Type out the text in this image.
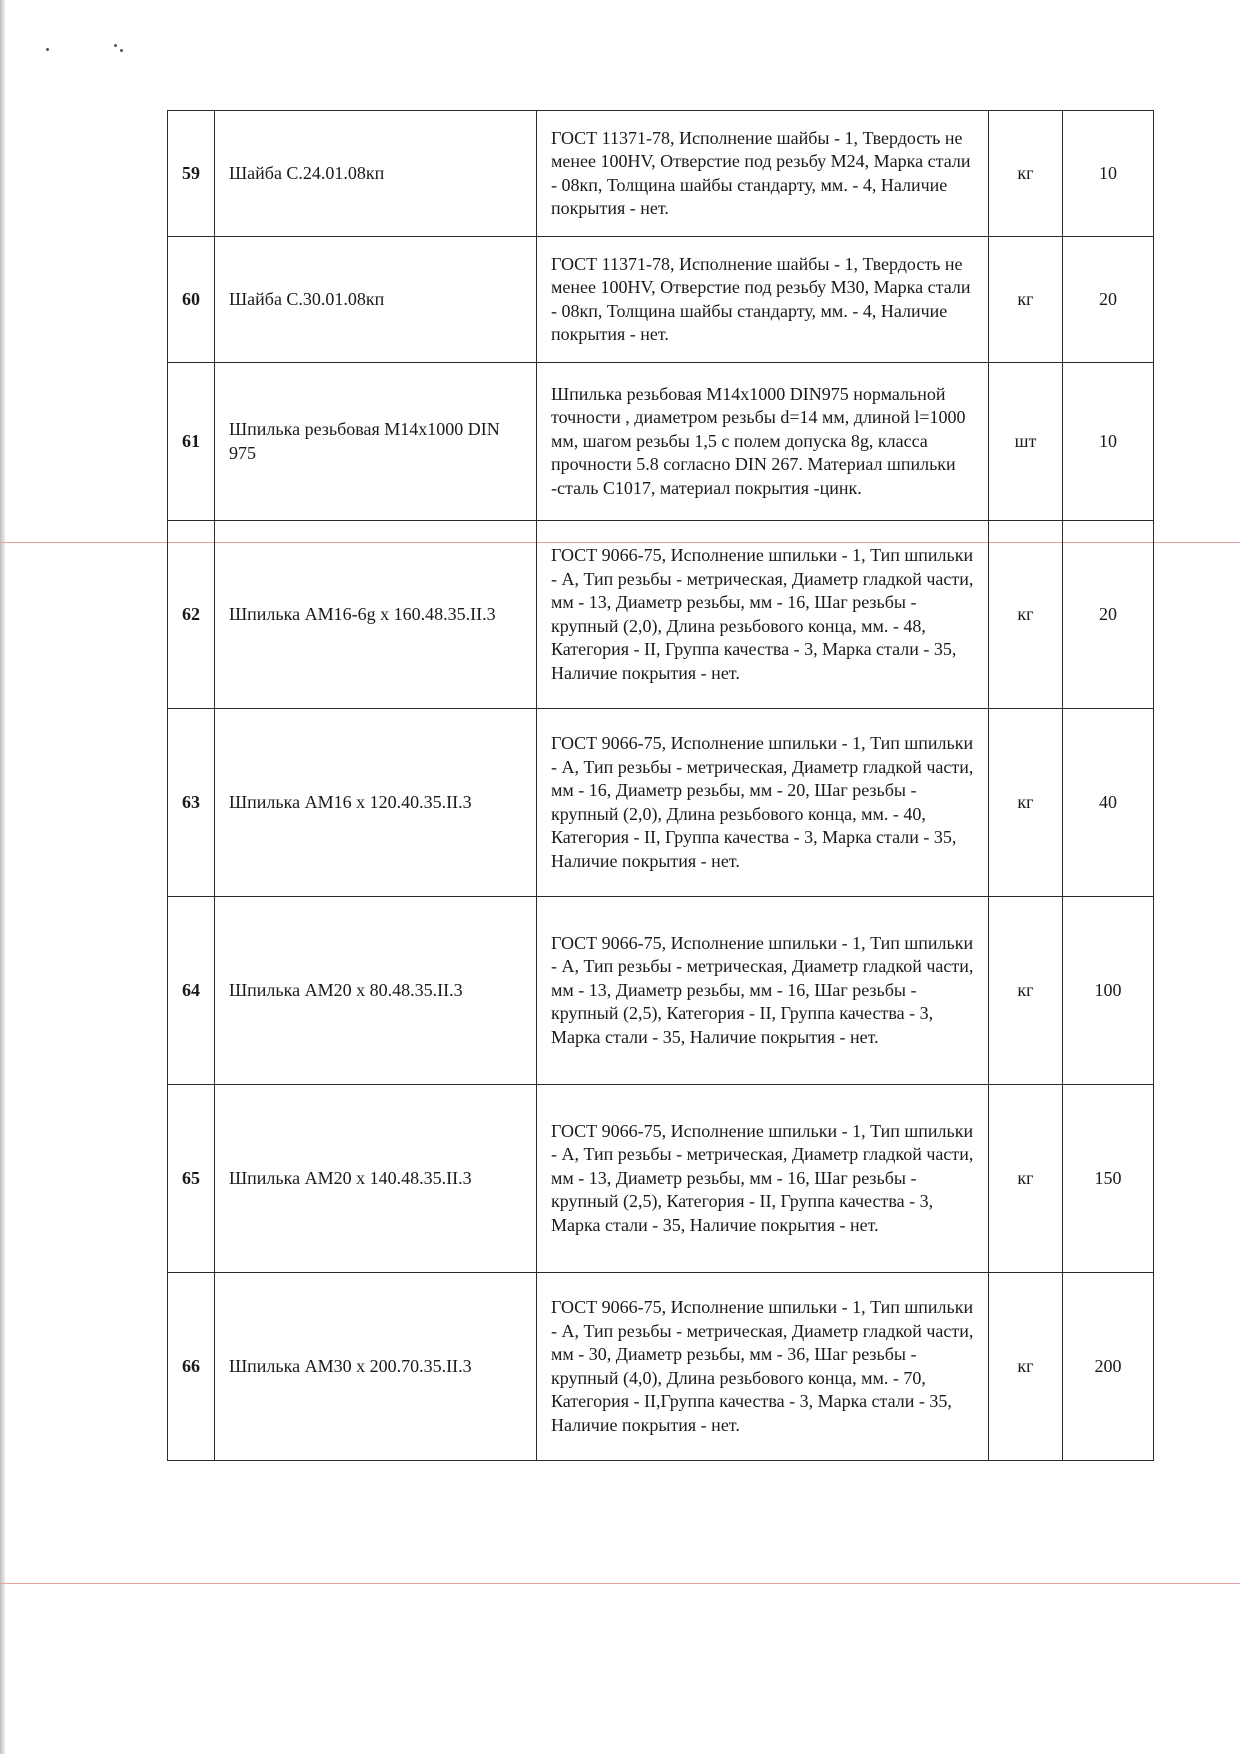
59	Шайба С.24.01.08кп	ГОСТ 11371-78, Исполнение шайбы - 1, Твердость не менее 100HV, Отверстие под резьбу М24, Марка стали - 08кп, Толщина шайбы стандарту, мм. - 4, Наличие покрытия - нет.	кг	10
60	Шайба С.30.01.08кп	ГОСТ 11371-78, Исполнение шайбы - 1, Твердость не менее 100HV, Отверстие под резьбу М30, Марка стали - 08кп, Толщина шайбы стандарту, мм. - 4, Наличие покрытия - нет.	кг	20
61	Шпилька резьбовая M14x1000 DIN 975	Шпилька резьбовая M14x1000 DIN975 нормальной точности , диаметром резьбы d=14 мм, длиной l=1000 мм, шагом резьбы 1,5 с полем допуска 8g, класса прочности 5.8 согласно DIN 267. Материал шпильки -сталь С1017, материал покрытия -цинк.	шт	10
62	Шпилька АМ16-6g x 160.48.35.II.3	ГОСТ 9066-75, Исполнение шпильки - 1, Тип шпильки - А, Тип резьбы - метрическая, Диаметр гладкой части, мм - 13, Диаметр резьбы, мм - 16, Шаг резьбы - крупный (2,0), Длина резьбового конца, мм. - 48, Категория - II, Группа качества - 3, Марка стали - 35, Наличие покрытия - нет.	кг	20
63	Шпилька АМ16 x 120.40.35.II.3	ГОСТ 9066-75, Исполнение шпильки - 1, Тип шпильки - А, Тип резьбы - метрическая, Диаметр гладкой части, мм - 16, Диаметр резьбы, мм - 20, Шаг резьбы - крупный (2,0), Длина резьбового конца, мм. - 40, Категория - II, Группа качества - 3, Марка стали - 35, Наличие покрытия - нет.	кг	40
64	Шпилька АМ20 x 80.48.35.II.3	ГОСТ 9066-75, Исполнение шпильки - 1, Тип шпильки - А, Тип резьбы - метрическая, Диаметр гладкой части, мм - 13, Диаметр резьбы, мм - 16, Шаг резьбы - крупный (2,5), Категория - II, Группа качества - 3, Марка стали - 35, Наличие покрытия - нет.	кг	100
65	Шпилька АМ20 x 140.48.35.II.3	ГОСТ 9066-75, Исполнение шпильки - 1, Тип шпильки - А, Тип резьбы - метрическая, Диаметр гладкой части, мм - 13, Диаметр резьбы, мм - 16, Шаг резьбы - крупный (2,5), Категория - II, Группа качества - 3, Марка стали - 35, Наличие покрытия - нет.	кг	150
66	Шпилька АМ30 x 200.70.35.II.3	ГОСТ 9066-75, Исполнение шпильки - 1, Тип шпильки - А, Тип резьбы - метрическая, Диаметр гладкой части, мм - 30, Диаметр резьбы, мм - 36, Шаг резьбы - крупный (4,0), Длина резьбового конца, мм. - 70, Категория - II,Группа качества - 3, Марка стали - 35, Наличие покрытия - нет.	кг	200
